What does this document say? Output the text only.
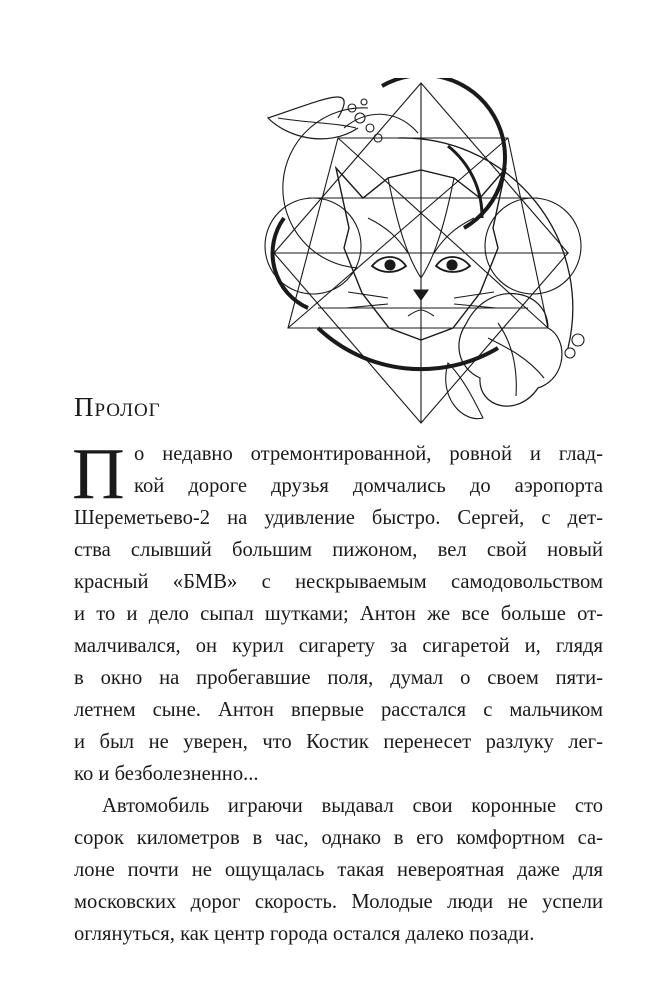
Пролог
П о недавно отремонтированной, ровной и глад-
кой дороге друзья домчались до аэропорта
Шереметьево-2 на удивление быстро. Сергей, с дет-
ства слывший большим пижоном, вел свой новый
красный «БМВ» с нескрываемым самодовольством
и то и дело сыпал шутками; Антон же все больше от-
малчивался, он курил сигарету за сигаретой и, глядя
в окно на пробегавшие поля, думал о своем пяти-
летнем сыне. Антон впервые расстался с мальчиком
и был не уверен, что Костик перенесет разлуку лег-
ко и безболезненно...
Автомобиль играючи выдавал свои коронные сто
сорок километров в час, однако в его комфортном са-
лоне почти не ощущалась такая невероятная даже для
московских дорог скорость. Молодые люди не успели
оглянуться, как центр города остался далеко позади.
